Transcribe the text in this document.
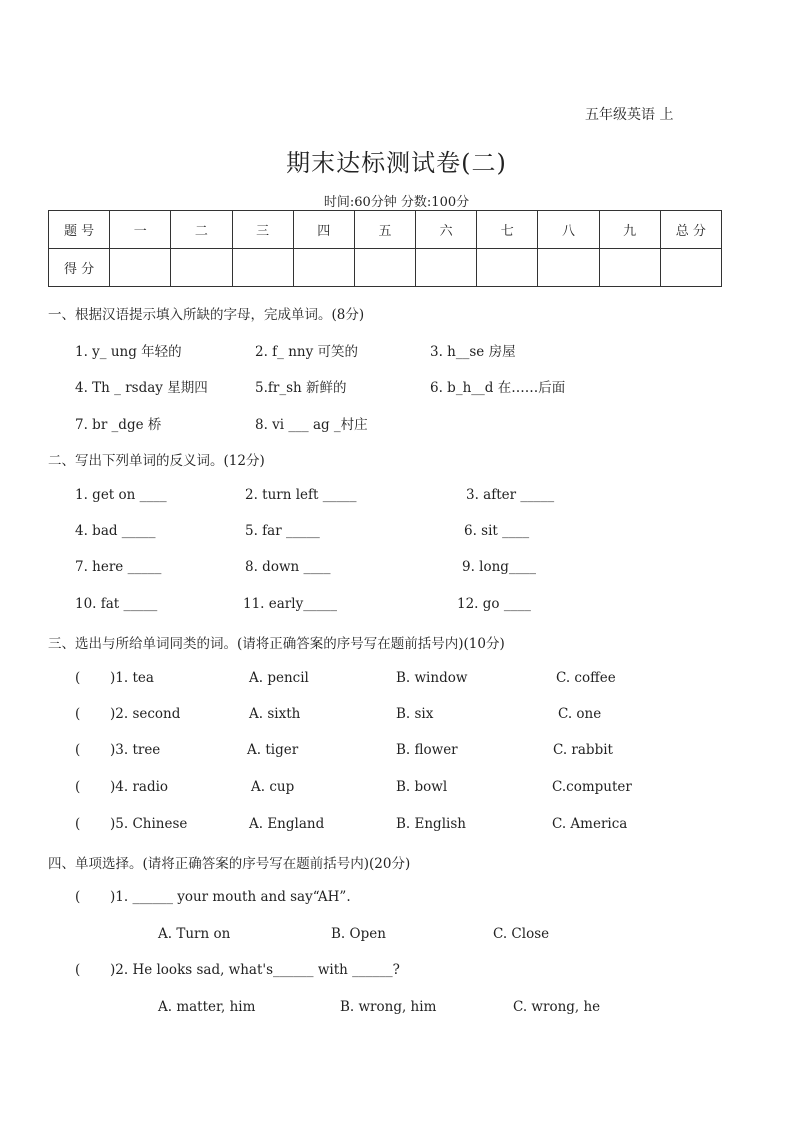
五年级英语 上
期末达标测试卷(二)
时间:60分钟 分数:100分
题 号	一	二	三	四	五	六	七	八	九	总 分
得 分										
一、根据汉语提示填入所缺的字母，完成单词。(8分)
1. y_ ung 年轻的	2. f_ nny 可笑的	3. h__se 房屋
4. Th _ rsday 星期四	5.fr_sh 新鲜的	6. b_h__d 在……后面
7. br _dge 桥	8. vi ___ ag _村庄
二、写出下列单词的反义词。(12分)
1. get on ____	2. turn left _____	3. after _____
4. bad _____	5. far _____	6. sit ____
7. here _____	8. down ____	9. long____
10. fat _____	11. early_____	12. go ____
三、选出与所给单词同类的词。(请将正确答案的序号写在题前括号内)(10分)
( )1. tea	A. pencil	B. window	C. coffee
( )2. second	A. sixth	B. six	C. one
( )3. tree	A. tiger	B. flower	C. rabbit
( )4. radio	A. cup	B. bowl	C.computer
( )5. Chinese	A. England	B. English	C. America
四、单项选择。(请将正确答案的序号写在题前括号内)(20分)
( )1. ______ your mouth and say“AH”.
A. Turn on	B. Open	C. Close
( )2. He looks sad, what's______ with ______?
A. matter, him	B. wrong, him	C. wrong, he
